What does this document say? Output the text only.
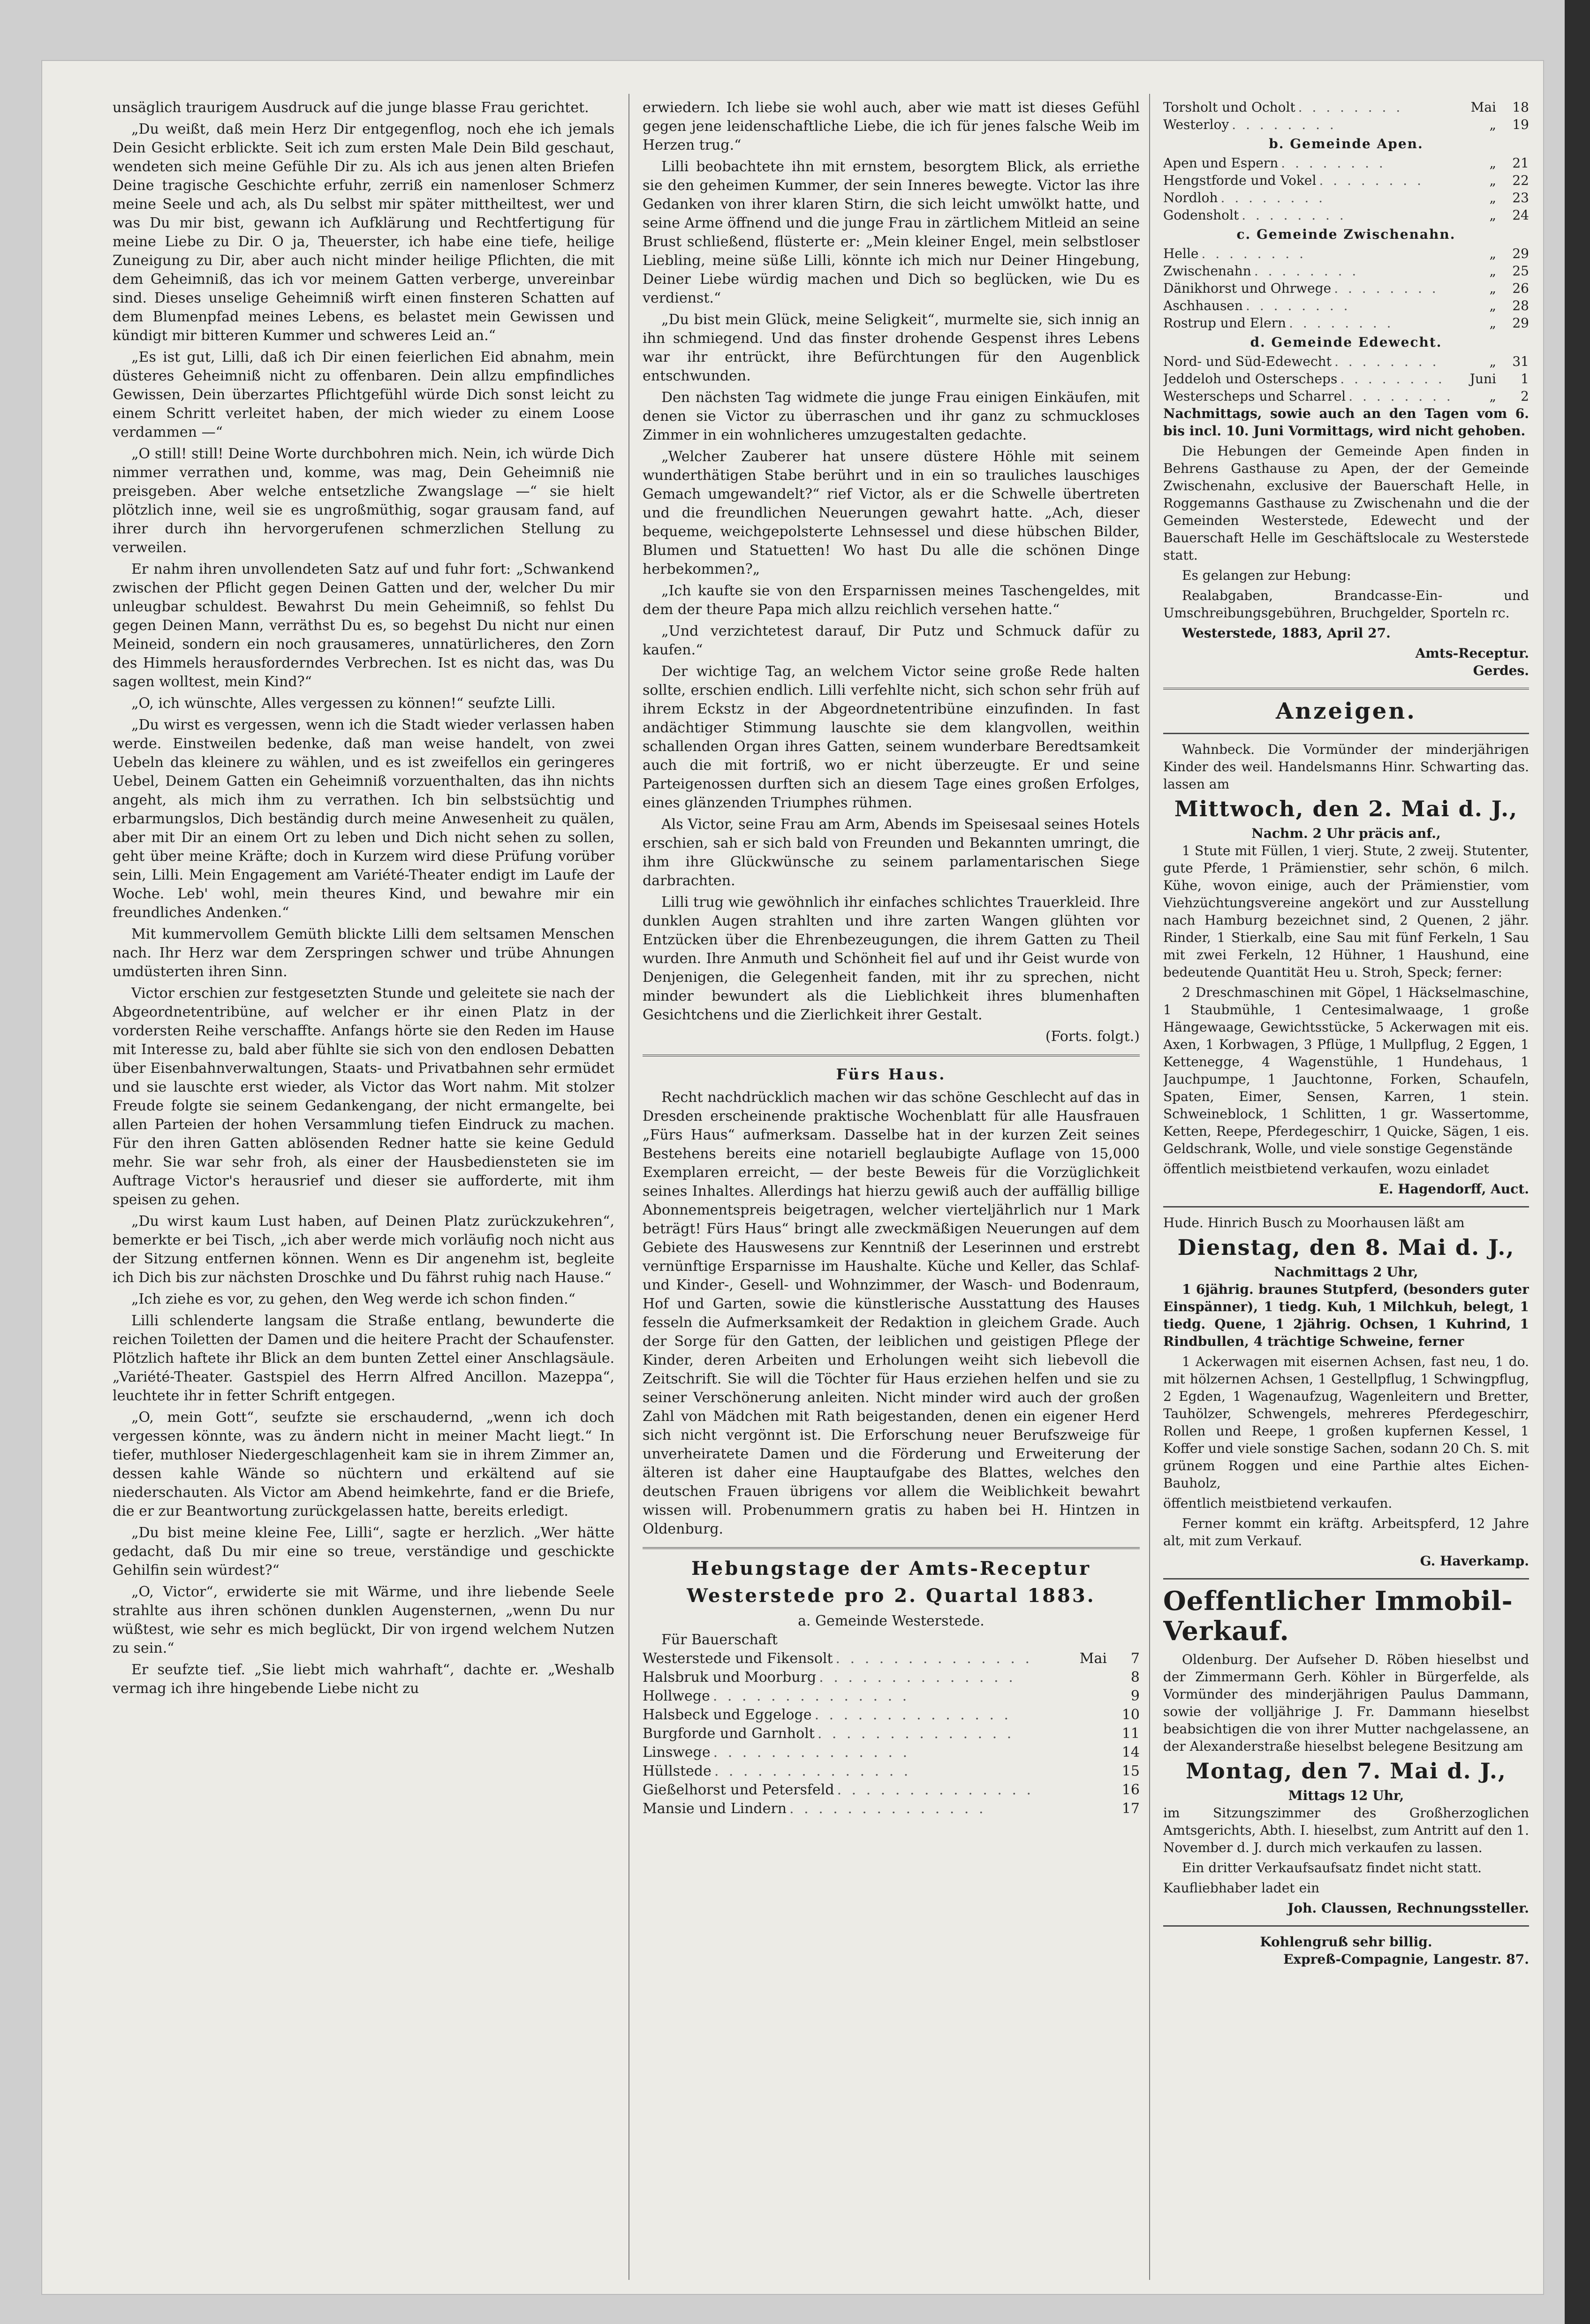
unsäglich traurigem Ausdruck auf die junge blasse Frau gerichtet.

„Du weißt, daß mein Herz Dir entgegenflog, noch ehe ich jemals Dein Gesicht erblickte. Seit ich zum ersten Male Dein Bild geschaut, wendeten sich meine Gefühle Dir zu. Als ich aus jenen alten Briefen Deine tragische Geschichte erfuhr, zerriß ein namenloser Schmerz meine Seele und ach, als Du selbst mir später mittheiltest, wer und was Du mir bist, gewann ich Aufklärung und Rechtfertigung für meine Liebe zu Dir. O ja, Theuerster, ich habe eine tiefe, heilige Zuneigung zu Dir, aber auch nicht minder heilige Pflichten, die mit dem Geheimniß, das ich vor meinem Gatten verberge, unvereinbar sind. Dieses unselige Geheimniß wirft einen finsteren Schatten auf dem Blumenpfad meines Lebens, es belastet mein Gewissen und kündigt mir bitteren Kummer und schweres Leid an.“

„Es ist gut, Lilli, daß ich Dir einen feierlichen Eid abnahm, mein düsteres Geheimniß nicht zu offenbaren. Dein allzu empfindliches Gewissen, Dein überzartes Pflichtgefühl würde Dich sonst leicht zu einem Schritt verleitet haben, der mich wieder zu einem Loose verdammen —“

„O still! still! Deine Worte durchbohren mich. Nein, ich würde Dich nimmer verrathen und, komme, was mag, Dein Geheimniß nie preisgeben. Aber welche entsetzliche Zwangslage —“ sie hielt plötzlich inne, weil sie es ungroßmüthig, sogar grausam fand, auf ihrer durch ihn hervorgerufenen schmerzlichen Stellung zu verweilen.

Er nahm ihren unvollendeten Satz auf und fuhr fort: „Schwankend zwischen der Pflicht gegen Deinen Gatten und der, welcher Du mir unleugbar schuldest. Bewahrst Du mein Geheimniß, so fehlst Du gegen Deinen Mann, verräthst Du es, so begehst Du nicht nur einen Meineid, sondern ein noch grausameres, unnatürlicheres, den Zorn des Himmels herausforderndes Verbrechen. Ist es nicht das, was Du sagen wolltest, mein Kind?“

„O, ich wünschte, Alles vergessen zu können!“ seufzte Lilli.

„Du wirst es vergessen, wenn ich die Stadt wieder verlassen haben werde. Einstweilen bedenke, daß man weise handelt, von zwei Uebeln das kleinere zu wählen, und es ist zweifellos ein geringeres Uebel, Deinem Gatten ein Geheimniß vorzuenthalten, das ihn nichts angeht, als mich ihm zu verrathen. Ich bin selbstsüchtig und erbarmungslos, Dich beständig durch meine Anwesenheit zu quälen, aber mit Dir an einem Ort zu leben und Dich nicht sehen zu sollen, geht über meine Kräfte; doch in Kurzem wird diese Prüfung vorüber sein, Lilli. Mein Engagement am Variété-Theater endigt im Laufe der Woche. Leb' wohl, mein theures Kind, und bewahre mir ein freundliches Andenken.“

Mit kummervollem Gemüth blickte Lilli dem seltsamen Menschen nach. Ihr Herz war dem Zerspringen schwer und trübe Ahnungen umdüsterten ihren Sinn.

Victor erschien zur festgesetzten Stunde und geleitete sie nach der Abgeordnetentribüne, auf welcher er ihr einen Platz in der vordersten Reihe verschaffte. Anfangs hörte sie den Reden im Hause mit Interesse zu, bald aber fühlte sie sich von den endlosen Debatten über Eisenbahnverwaltungen, Staats- und Privatbahnen sehr ermüdet und sie lauschte erst wieder, als Victor das Wort nahm. Mit stolzer Freude folgte sie seinem Gedankengang, der nicht ermangelte, bei allen Parteien der hohen Versammlung tiefen Eindruck zu machen. Für den ihren Gatten ablösenden Redner hatte sie keine Geduld mehr. Sie war sehr froh, als einer der Hausbediensteten sie im Auftrage Victor's herausrief und dieser sie aufforderte, mit ihm speisen zu gehen.

„Du wirst kaum Lust haben, auf Deinen Platz zurückzukehren“, bemerkte er bei Tisch, „ich aber werde mich vorläufig noch nicht aus der Sitzung entfernen können. Wenn es Dir angenehm ist, begleite ich Dich bis zur nächsten Droschke und Du fährst ruhig nach Hause.“

„Ich ziehe es vor, zu gehen, den Weg werde ich schon finden.“

Lilli schlenderte langsam die Straße entlang, bewunderte die reichen Toiletten der Damen und die heitere Pracht der Schaufenster. Plötzlich haftete ihr Blick an dem bunten Zettel einer Anschlagsäule. „Variété-Theater. Gastspiel des Herrn Alfred Ancillon. Mazeppa“, leuchtete ihr in fetter Schrift entgegen.

„O, mein Gott“, seufzte sie erschaudernd, „wenn ich doch vergessen könnte, was zu ändern nicht in meiner Macht liegt.“ In tiefer, muthloser Niedergeschlagenheit kam sie in ihrem Zimmer an, dessen kahle Wände so nüchtern und erkältend auf sie niederschauten. Als Victor am Abend heimkehrte, fand er die Briefe, die er zur Beantwortung zurückgelassen hatte, bereits erledigt.

„Du bist meine kleine Fee, Lilli“, sagte er herzlich. „Wer hätte gedacht, daß Du mir eine so treue, verständige und geschickte Gehilfin sein würdest?“

„O, Victor“, erwiderte sie mit Wärme, und ihre liebende Seele strahlte aus ihren schönen dunklen Augensternen, „wenn Du nur wüßtest, wie sehr es mich beglückt, Dir von irgend welchem Nutzen zu sein.“

Er seufzte tief. „Sie liebt mich wahrhaft“, dachte er. „Weshalb vermag ich ihre hingebende Liebe nicht zu

erwiedern. Ich liebe sie wohl auch, aber wie matt ist dieses Gefühl gegen jene leidenschaftliche Liebe, die ich für jenes falsche Weib im Herzen trug.“

Lilli beobachtete ihn mit ernstem, besorgtem Blick, als erriethe sie den geheimen Kummer, der sein Inneres bewegte. Victor las ihre Gedanken von ihrer klaren Stirn, die sich leicht umwölkt hatte, und seine Arme öffnend und die junge Frau in zärtlichem Mitleid an seine Brust schließend, flüsterte er: „Mein kleiner Engel, mein selbstloser Liebling, meine süße Lilli, könnte ich mich nur Deiner Hingebung, Deiner Liebe würdig machen und Dich so beglücken, wie Du es verdienst.“

„Du bist mein Glück, meine Seligkeit“, murmelte sie, sich innig an ihn schmiegend. Und das finster drohende Gespenst ihres Lebens war ihr entrückt, ihre Befürchtungen für den Augenblick entschwunden.

Den nächsten Tag widmete die junge Frau einigen Einkäufen, mit denen sie Victor zu überraschen und ihr ganz zu schmuckloses Zimmer in ein wohnlicheres umzugestalten gedachte.

„Welcher Zauberer hat unsere düstere Höhle mit seinem wunderthätigen Stabe berührt und in ein so trauliches lauschiges Gemach umgewandelt?“ rief Victor, als er die Schwelle übertreten und die freundlichen Neuerungen gewahrt hatte. „Ach, dieser bequeme, weichgepolsterte Lehnsessel und diese hübschen Bilder, Blumen und Statuetten! Wo hast Du alle die schönen Dinge herbekommen?„

„Ich kaufte sie von den Ersparnissen meines Taschengeldes, mit dem der theure Papa mich allzu reichlich versehen hatte.“

„Und verzichtetest darauf, Dir Putz und Schmuck dafür zu kaufen.“

Der wichtige Tag, an welchem Victor seine große Rede halten sollte, erschien endlich. Lilli verfehlte nicht, sich schon sehr früh auf ihrem Eckstz in der Abgeordnetentribüne einzufinden. In fast andächtiger Stimmung lauschte sie dem klangvollen, weithin schallenden Organ ihres Gatten, seinem wunderbare Beredtsamkeit auch die mit fortriß, wo er nicht überzeugte. Er und seine Parteigenossen durften sich an diesem Tage eines großen Erfolges, eines glänzenden Triumphes rühmen.

Als Victor, seine Frau am Arm, Abends im Speisesaal seines Hotels erschien, sah er sich bald von Freunden und Bekannten umringt, die ihm ihre Glückwünsche zu seinem parlamentarischen Siege darbrachten.

Lilli trug wie gewöhnlich ihr einfaches schlichtes Trauerkleid. Ihre dunklen Augen strahlten und ihre zarten Wangen glühten vor Entzücken über die Ehrenbezeugungen, die ihrem Gatten zu Theil wurden. Ihre Anmuth und Schönheit fiel auf und ihr Geist wurde von Denjenigen, die Gelegenheit fanden, mit ihr zu sprechen, nicht minder bewundert als die Lieblichkeit ihres blumenhaften Gesichtchens und die Zierlichkeit ihrer Gestalt.

(Forts. folgt.)
Fürs Haus.

Recht nachdrücklich machen wir das schöne Geschlecht auf das in Dresden erscheinende praktische Wochenblatt für alle Hausfrauen „Fürs Haus“ aufmerksam. Dasselbe hat in der kurzen Zeit seines Bestehens bereits eine notariell beglaubigte Auflage von 15,000 Exemplaren erreicht, — der beste Beweis für die Vorzüglichkeit seines Inhaltes. Allerdings hat hierzu gewiß auch der auffällig billige Abonnementspreis beigetragen, welcher vierteljährlich nur 1 Mark beträgt! Fürs Haus“ bringt alle zweckmäßigen Neuerungen auf dem Gebiete des Hauswesens zur Kenntniß der Leserinnen und erstrebt vernünftige Ersparnisse im Haushalte. Küche und Keller, das Schlaf- und Kinder-, Gesell- und Wohnzimmer, der Wasch- und Bodenraum, Hof und Garten, sowie die künstlerische Ausstattung des Hauses fesseln die Aufmerksamkeit der Redaktion in gleichem Grade. Auch der Sorge für den Gatten, der leiblichen und geistigen Pflege der Kinder, deren Arbeiten und Erholungen weiht sich liebevoll die Zeitschrift. Sie will die Töchter für Haus erziehen helfen und sie zu seiner Verschönerung anleiten. Nicht minder wird auch der großen Zahl von Mädchen mit Rath beigestanden, denen ein eigener Herd sich nicht vergönnt ist. Die Erforschung neuer Berufszweige für unverheiratete Damen und die Förderung und Erweiterung der älteren ist daher eine Hauptaufgabe des Blattes, welches den deutschen Frauen übrigens vor allem die Weiblichkeit bewahrt wissen will. Probenummern gratis zu haben bei H. Hintzen in Oldenburg.

Hebungstage der Amts-Receptur
Westerstede pro 2. Quartal 1883.
a. Gemeinde Westerstede.
Für Bauerschaft
Westerstede und Fikensolt . . . . . . . . . . . . . .	Mai	7
Halsbruk und Moorburg . . . . . . . . . . . . . .	8
Hollwege . . . . . . . . . . . . . .	9
Halsbeck und Eggeloge . . . . . . . . . . . . . .	10
Burgforde und Garnholt . . . . . . . . . . . . . .	11
Linswege . . . . . . . . . . . . . .	14
Hüllstede . . . . . . . . . . . . . .	15
Gießelhorst und Petersfeld . . . . . . . . . . . . . .	16
Mansie und Lindern . . . . . . . . . . . . . .	17
Torsholt und Ocholt . . . . . . . .	Mai	18
Westerloy . . . . . . . .	„	19
b. Gemeinde Apen.
Apen und Espern . . . . . . . .	„	21
Hengstforde und Vokel . . . . . . . .	„	22
Nordloh . . . . . . . .	„	23
Godensholt . . . . . . . .	„	24
c. Gemeinde Zwischenahn.
Helle . . . . . . . .	„	29
Zwischenahn . . . . . . . .	„	25
Dänikhorst und Ohrwege . . . . . . . .	„	26
Aschhausen . . . . . . . .	„	28
Rostrup und Elern . . . . . . . .	„	29
d. Gemeinde Edewecht.
Nord- und Süd-Edewecht . . . . . . . .	„	31
Jeddeloh und Osterscheps . . . . . . . .	Juni	1
Westerscheps und Scharrel . . . . . . . .	„	2

Nachmittags, sowie auch an den Tagen vom 6. bis incl. 10. Juni Vormittags, wird nicht gehoben.

Die Hebungen der Gemeinde Apen finden in Behrens Gasthause zu Apen, der der Gemeinde Zwischenahn, exclusive der Bauerschaft Helle, in Roggemanns Gasthause zu Zwischenahn und die der Gemeinden Westerstede, Edewecht und der Bauerschaft Helle im Geschäftslocale zu Westerstede statt.

Es gelangen zur Hebung:

Realabgaben, Brandcasse-Ein- und Umschreibungsgebühren, Bruchgelder, Sporteln rc.

Westerstede, 1883, April 27.

Amts-Receptur.
Gerdes.
Anzeigen.

Wahnbeck. Die Vormünder der minderjährigen Kinder des weil. Handelsmanns Hinr. Schwarting das. lassen am

Mittwoch, den 2. Mai d. J.,
Nachm. 2 Uhr präcis anf.,

1 Stute mit Füllen, 1 vierj. Stute, 2 zweij. Stutenter, gute Pferde, 1 Prämienstier, sehr schön, 6 milch. Kühe, wovon einige, auch der Prämienstier, vom Viehzüchtungsvereine angekört und zur Ausstellung nach Hamburg bezeichnet sind, 2 Quenen, 2 jähr. Rinder, 1 Stierkalb, eine Sau mit fünf Ferkeln, 1 Sau mit zwei Ferkeln, 12 Hühner, 1 Haushund, eine bedeutende Quantität Heu u. Stroh, Speck; ferner:

2 Dreschmaschinen mit Göpel, 1 Häckselmaschine, 1 Staubmühle, 1 Centesimalwaage, 1 große Hängewaage, Gewichtsstücke, 5 Ackerwagen mit eis. Axen, 1 Korbwagen, 3 Pflüge, 1 Mullpflug, 2 Eggen, 1 Kettenegge, 4 Wagenstühle, 1 Hundehaus, 1 Jauchpumpe, 1 Jauchtonne, Forken, Schaufeln, Spaten, Eimer, Sensen, Karren, 1 stein. Schweineblock, 1 Schlitten, 1 gr. Wassertomme, Ketten, Reepe, Pferdegeschirr, 1 Quicke, Sägen, 1 eis. Geldschrank, Wolle, und viele sonstige Gegenstände

öffentlich meistbietend verkaufen, wozu einladet

E. Hagendorff, Auct.

Hude. Hinrich Busch zu Moorhausen läßt am

Dienstag, den 8. Mai d. J.,
Nachmittags 2 Uhr,

1 6jährig. braunes Stutpferd, (besonders guter Einspänner), 1 tiedg. Kuh, 1 Milchkuh, belegt, 1 tiedg. Quene, 1 2jährig. Ochsen, 1 Kuhrind, 1 Rindbullen, 4 trächtige Schweine, ferner

1 Ackerwagen mit eisernen Achsen, fast neu, 1 do. mit hölzernen Achsen, 1 Gestellpflug, 1 Schwingpflug, 2 Egden, 1 Wagenaufzug, Wagenleitern und Bretter, Tauhölzer, Schwengels, mehreres Pferdegeschirr, Rollen und Reepe, 1 großen kupfernen Kessel, 1 Koffer und viele sonstige Sachen, sodann 20 Ch. S. mit grünem Roggen und eine Parthie altes Eichen-Bauholz,

öffentlich meistbietend verkaufen.

Ferner kommt ein kräftg. Arbeitspferd, 12 Jahre alt, mit zum Verkauf.

G. Haverkamp.
Oeffentlicher Immobil-Verkauf.

Oldenburg. Der Aufseher D. Röben hieselbst und der Zimmermann Gerh. Köhler in Bürgerfelde, als Vormünder des minderjährigen Paulus Dammann, sowie der volljährige J. Fr. Dammann hieselbst beabsichtigen die von ihrer Mutter nachgelassene, an der Alexanderstraße hieselbst belegene Besitzung am

Montag, den 7. Mai d. J.,
Mittags 12 Uhr,

im Sitzungszimmer des Großherzoglichen Amtsgerichts, Abth. I. hieselbst, zum Antritt auf den 1. November d. J. durch mich verkaufen zu lassen.

Ein dritter Verkaufsaufsatz findet nicht statt.

Kaufliebhaber ladet ein

Joh. Claussen, Rechnungssteller.
Kohlengruß sehr billig.
Expreß-Compagnie, Langestr. 87.
